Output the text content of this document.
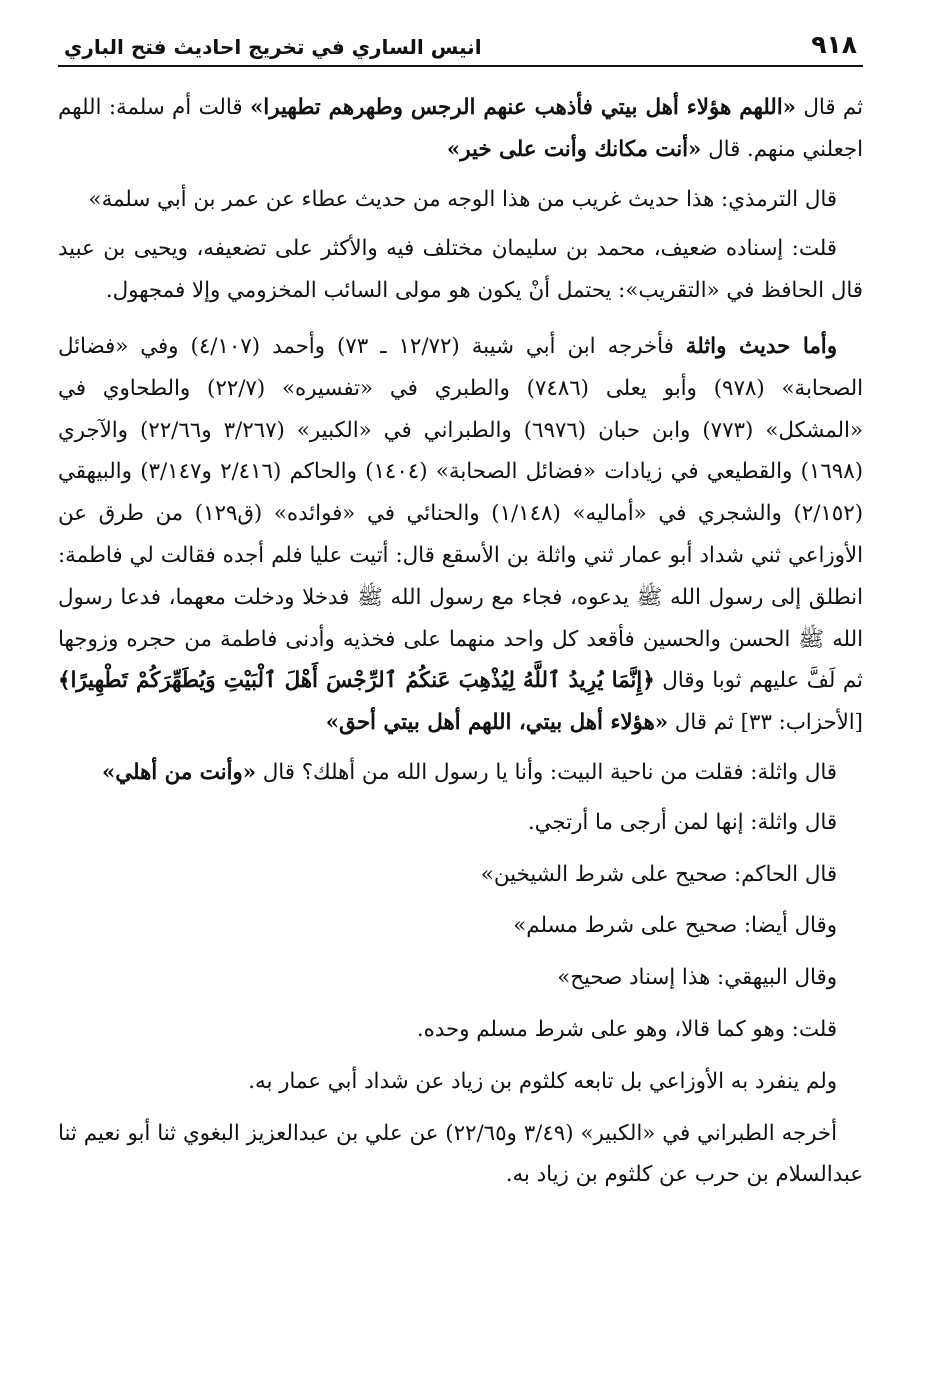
٩١٨
انيس الساري في تخريج احاديث فتح الباري

ثم قال «اللهم هؤلاء أهل بيتي فأذهب عنهم الرجس وطهرهم تطهيرا» قالت أم سلمة: اللهم اجعلني منهم. قال «أنت مكانك وأنت على خير»

قال الترمذي: هذا حديث غريب من هذا الوجه من حديث عطاء عن عمر بن أبي سلمة»

قلت: إسناده ضعيف، محمد بن سليمان مختلف فيه والأكثر على تضعيفه، ويحيى بن عبيد قال الحافظ في «التقريب»: يحتمل أنْ يكون هو مولى السائب المخزومي وإلا فمجهول.

وأما حديث واثلة فأخرجه ابن أبي شيبة (١٢/٧٢ ـ ٧٣) وأحمد (٤/١٠٧) وفي «فضائل الصحابة» (٩٧٨) وأبو يعلى (٧٤٨٦) والطبري في «تفسيره» (٢٢/٧) والطحاوي في «المشكل» (٧٧٣) وابن حبان (٦٩٧٦) والطبراني في «الكبير» (٣/٢٦٧ و٢٢/٦٦) والآجري (١٦٩٨) والقطيعي في زيادات «فضائل الصحابة» (١٤٠٤) والحاكم (٢/٤١٦ و٣/١٤٧) والبيهقي (٢/١٥٢) والشجري في «أماليه» (١/١٤٨) والحنائي في «فوائده» (ق١٢٩) من طرق عن الأوزاعي ثني شداد أبو عمار ثني واثلة بن الأسقع قال: أتيت عليا فلم أجده فقالت لي فاطمة: انطلق إلى رسول الله ﷺ يدعوه، فجاء مع رسول الله ﷺ فدخلا ودخلت معهما، فدعا رسول الله ﷺ الحسن والحسين فأقعد كل واحد منهما على فخذيه وأدنى فاطمة من حجره وزوجها ثم لَفَّ عليهم ثوبا وقال ﴿إِنَّمَا يُرِيدُ ٱللَّهُ لِيُذْهِبَ عَنكُمُ ٱلرِّجْسَ أَهْلَ ٱلْبَيْتِ وَيُطَهِّرَكُمْ تَطْهِيرًا﴾ [الأحزاب: ٣٣] ثم قال «هؤلاء أهل بيتي، اللهم أهل بيتي أحق»

قال واثلة: فقلت من ناحية البيت: وأنا يا رسول الله من أهلك؟ قال «وأنت من أهلي»

قال واثلة: إنها لمن أرجى ما أرتجي.

قال الحاكم: صحيح على شرط الشيخين»

وقال أيضا: صحيح على شرط مسلم»

وقال البيهقي: هذا إسناد صحيح»

قلت: وهو كما قالا، وهو على شرط مسلم وحده.

ولم ينفرد به الأوزاعي بل تابعه كلثوم بن زياد عن شداد أبي عمار به.

أخرجه الطبراني في «الكبير» (٣/٤٩ و٢٢/٦٥) عن علي بن عبدالعزيز البغوي ثنا أبو نعيم ثنا عبدالسلام بن حرب عن كلثوم بن زياد به.
